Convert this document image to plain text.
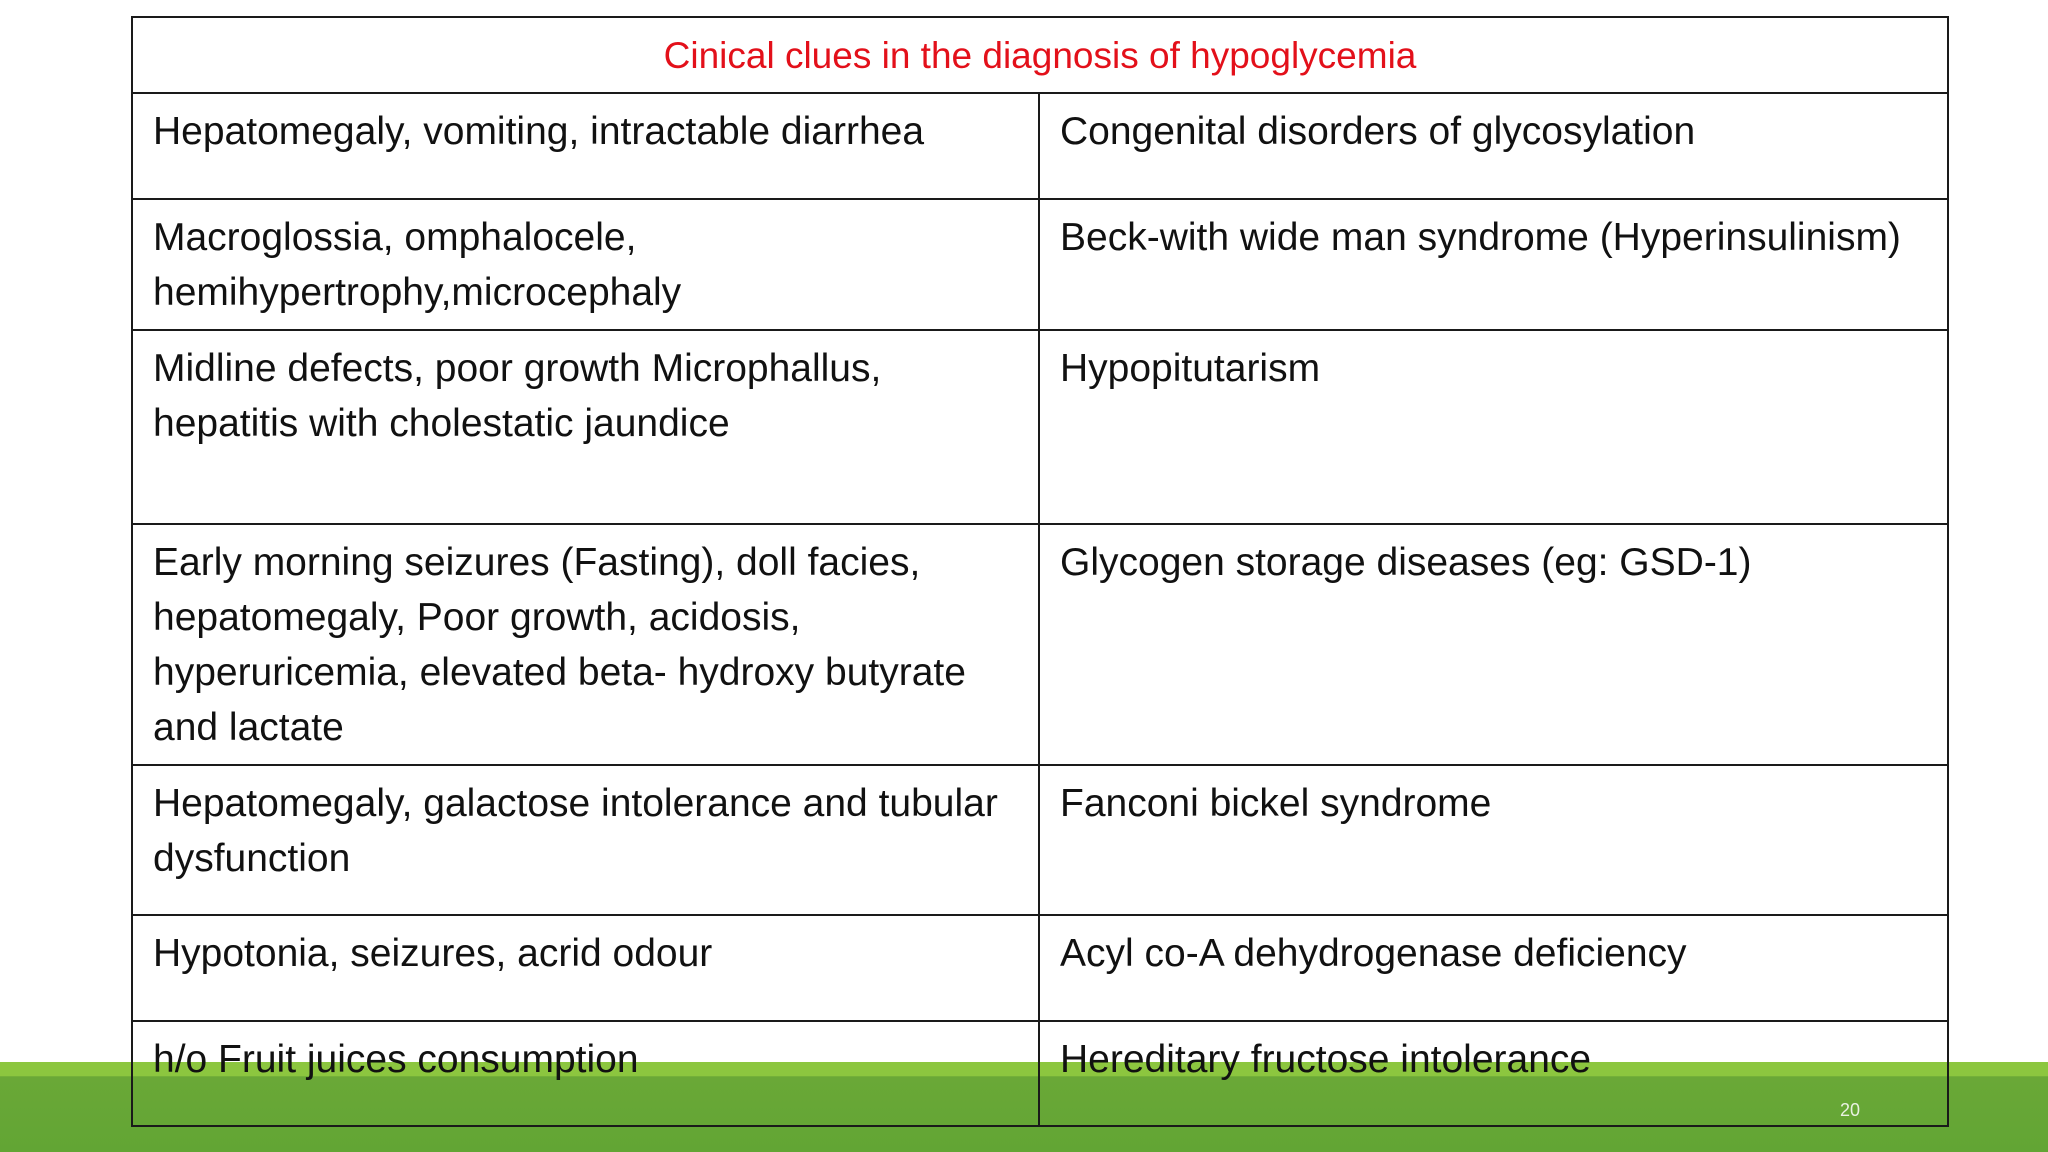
Cinical clues in the diagnosis of hypoglycemia	

Hepatomegaly, vomiting, intractable diarrhea	Congenital disorders of glycosylation

Macroglossia, omphalocele, hemihypertrophy,microcephaly	Beck-with wide man syndrome (Hyperinsulinism)

Midline defects, poor growth Microphallus, hepatitis with cholestatic jaundice	Hypopitutarism

Early morning seizures (Fasting), doll facies, hepatomegaly, Poor growth, acidosis, hyperuricemia, elevated beta- hydroxy butyrate and lactate	Glycogen storage diseases (eg: GSD-1)

Hepatomegaly, galactose intolerance and tubular dysfunction	Fanconi bickel syndrome

Hypotonia, seizures, acrid odour	Acyl co-A dehydrogenase deficiency

h/o Fruit juices consumption	Hereditary fructose intolerance
20
